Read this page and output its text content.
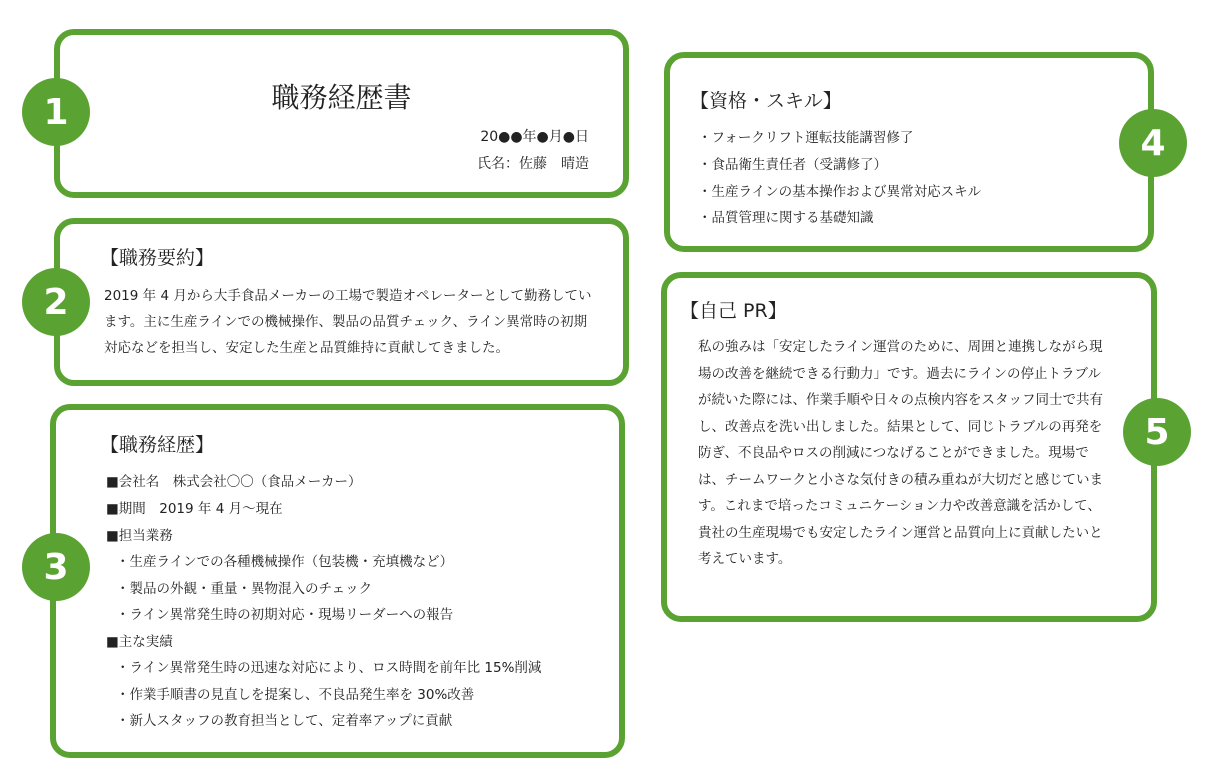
1	職務経歴書
20●●年●月●日
氏名：佐藤　晴造
2
【職務要約】
2019 年 4 月から大手食品メーカーの工場で製造オペレーターとして勤務しています。主に生産ラインでの機械操作、製品の品質チェック、ライン異常時の初期対応などを担当し、安定した生産と品質維持に貢献してきました。
3
【職務経歴】
■会社名　株式会社〇〇（食品メーカー）
■期間　2019 年 4 月～現在
■担当業務
・生産ラインでの各種機械操作（包装機・充填機など）
・製品の外観・重量・異物混入のチェック
・ライン異常発生時の初期対応・現場リーダーへの報告
■主な実績
・ライン異常発生時の迅速な対応により、ロス時間を前年比 15%削減
・作業手順書の見直しを提案し、不良品発生率を 30%改善
・新人スタッフの教育担当として、定着率アップに貢献
4
【資格・スキル】
・フォークリフト運転技能講習修了
・食品衛生責任者（受講修了）
・生産ラインの基本操作および異常対応スキル
・品質管理に関する基礎知識
5
【自己 PR】
私の強みは「安定したライン運営のために、周囲と連携しながら現場の改善を継続できる行動力」です。過去にラインの停止トラブルが続いた際には、作業手順や日々の点検内容をスタッフ同士で共有し、改善点を洗い出しました。結果として、同じトラブルの再発を防ぎ、不良品やロスの削減につなげることができました。現場では、チームワークと小さな気付きの積み重ねが大切だと感じています。これまで培ったコミュニケーション力や改善意識を活かして、貴社の生産現場でも安定したライン運営と品質向上に貢献したいと考えています。
